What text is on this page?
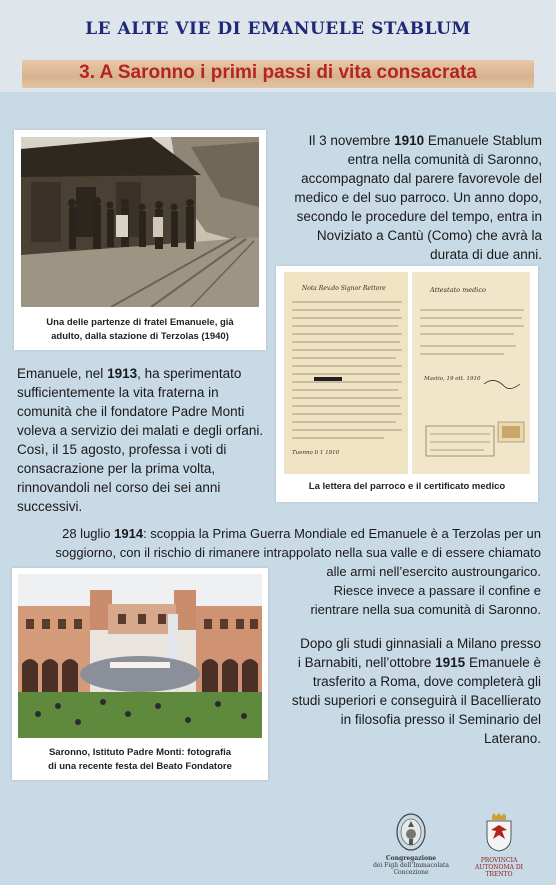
LE ALTE VIE DI EMANUELE STABLUM
3. A Saronno i primi passi di vita consacrata
Una delle partenze di fratel Emanuele, già
adulto, dalla stazione di Terzolas (1940)
Il 3 novembre 1910 Emanuele Stablum
entra nella comunità di Saronno,
accompagnato dal parere favorevole del
medico e del suo parroco. Un anno dopo,
secondo le procedure del tempo, entra in
Noviziato a Cantù (Como) che avrà la
durata di due anni.
Nota Rev.do Signor Rettore
Tuenno li 1 1910
Attestato medico
Mastio, 19 ott. 1910
La lettera del parroco e il certificato medico
Emanuele, nel 1913, ha sperimentato
sufficientemente la vita fraterna in
comunità che il fondatore Padre Monti
voleva a servizio dei malati e degli orfani.
Così, il 15 agosto, professa i voti di
consacrazione per la prima volta,
rinnovandoli nel corso dei sei anni
successivi.
28 luglio 1914: scoppia la Prima Guerra Mondiale ed Emanuele è a Terzolas per un
soggiorno, con il rischio di rimanere intrappolato nella sua valle e di essere chiamato
alle armi nell’esercito austroungarico.
Riesce invece a passare il confine e
rientrare nella sua comunità di Saronno.
Saronno, Istituto Padre Monti: fotografia
di una recente festa del Beato Fondatore
Dopo gli studi ginnasiali a Milano presso
i Barnabiti, nell’ottobre 1915 Emanuele è
trasferito a Roma, dove completerà gli
studi superiori e conseguirà il Bacellierato
in filosofia presso il Seminario del
Laterano.
Congregazione
dei Figli dell’Immacolata Concezione
PROVINCIA
AUTONOMA DI TRENTO
